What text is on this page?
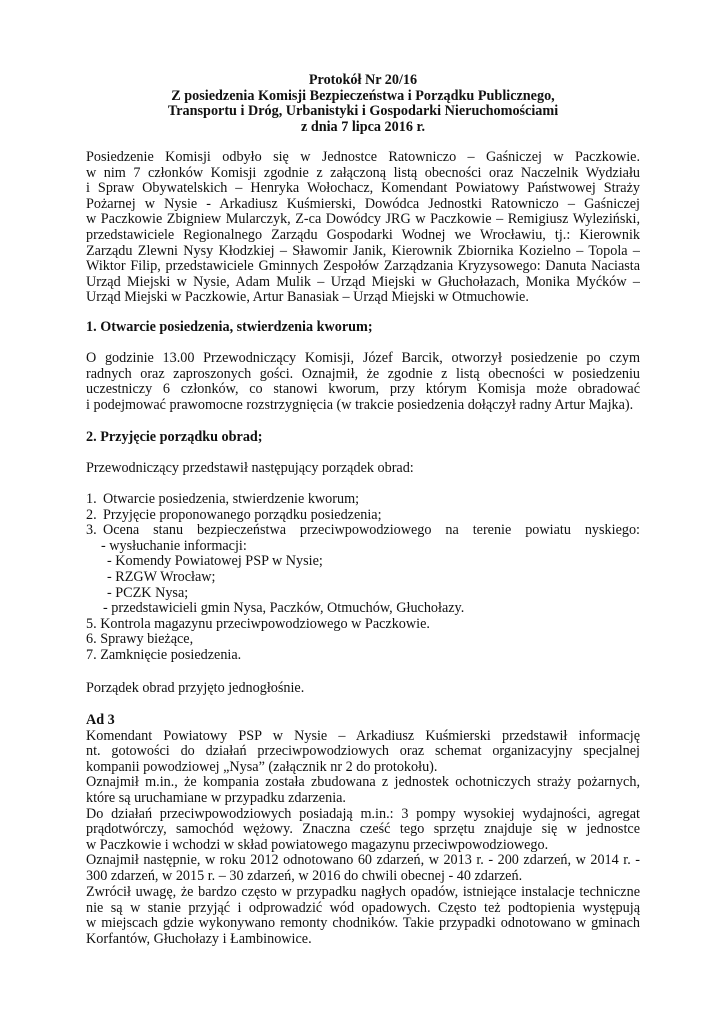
Protokół Nr 20/16
Z posiedzenia Komisji Bezpieczeństwa i Porządku Publicznego,
Transportu i Dróg, Urbanistyki i Gospodarki Nieruchomościami
z dnia 7 lipca 2016 r.
Posiedzenie Komisji odbyło się w Jednostce Ratowniczo – Gaśniczej w Paczkowie.
w nim 7 członków Komisji zgodnie z załączoną listą obecności oraz Naczelnik Wydziału
i Spraw Obywatelskich – Henryka Wołochacz, Komendant Powiatowy Państwowej Straży
Pożarnej w Nysie - Arkadiusz Kuśmierski, Dowódca Jednostki Ratowniczo – Gaśniczej
w Paczkowie Zbigniew Mularczyk, Z-ca Dowódcy JRG w Paczkowie – Remigiusz Wyleziński,
przedstawiciele Regionalnego Zarządu Gospodarki Wodnej we Wrocławiu, tj.: Kierownik
Zarządu Zlewni Nysy Kłodzkiej – Sławomir Janik, Kierownik Zbiornika Kozielno – Topola –
Wiktor Filip, przedstawiciele Gminnych Zespołów Zarządzania Kryzysowego: Danuta Naciasta
Urząd Miejski w Nysie, Adam Mulik – Urząd Miejski w Głuchołazach, Monika Myćków –
Urząd Miejski w Paczkowie, Artur Banasiak – Urząd Miejski w Otmuchowie.
1. Otwarcie posiedzenia, stwierdzenia kworum;
O godzinie 13.00 Przewodniczący Komisji, Józef Barcik, otworzył posiedzenie po czym
radnych oraz zaproszonych gości. Oznajmił, że zgodnie z listą obecności w posiedzeniu
uczestniczy 6 członków, co stanowi kworum, przy którym Komisja może obradować
i podejmować prawomocne rozstrzygnięcia (w trakcie posiedzenia dołączył radny Artur Majka).
2. Przyjęcie porządku obrad;
Przewodniczący przedstawił następujący porządek obrad:
1. Otwarcie posiedzenia, stwierdzenie kworum;
2. Przyjęcie proponowanego porządku posiedzenia;
3. Ocena stanu bezpieczeństwa przeciwpowodziowego na terenie powiatu nyskiego:
- wysłuchanie informacji:
- Komendy Powiatowej PSP w Nysie;
- RZGW Wrocław;
- PCZK Nysa;
- przedstawicieli gmin Nysa, Paczków, Otmuchów, Głuchołazy.
5. Kontrola magazynu przeciwpowodziowego w Paczkowie.
6. Sprawy bieżące,
7. Zamknięcie posiedzenia.
Porządek obrad przyjęto jednogłośnie.
Ad 3
Komendant Powiatowy PSP w Nysie – Arkadiusz Kuśmierski przedstawił informację
nt. gotowości do działań przeciwpowodziowych oraz schemat organizacyjny specjalnej
kompanii powodziowej „Nysa” (załącznik nr 2 do protokołu).
Oznajmił m.in., że kompania została zbudowana z jednostek ochotniczych straży pożarnych,
które są uruchamiane w przypadku zdarzenia.
Do działań przeciwpowodziowych posiadają m.in.: 3 pompy wysokiej wydajności, agregat
prądotwórczy, samochód wężowy. Znaczna cześć tego sprzętu znajduje się w jednostce
w Paczkowie i wchodzi w skład powiatowego magazynu przeciwpowodziowego.
Oznajmił następnie, w roku 2012 odnotowano 60 zdarzeń, w 2013 r. - 200 zdarzeń, w 2014 r. -
300 zdarzeń, w 2015 r. – 30 zdarzeń, w 2016 do chwili obecnej - 40 zdarzeń.
Zwrócił uwagę, że bardzo często w przypadku nagłych opadów, istniejące instalacje techniczne
nie są w stanie przyjąć i odprowadzić wód opadowych. Często też podtopienia występują
w miejscach gdzie wykonywano remonty chodników. Takie przypadki odnotowano w gminach
Korfantów, Głuchołazy i Łambinowice.
